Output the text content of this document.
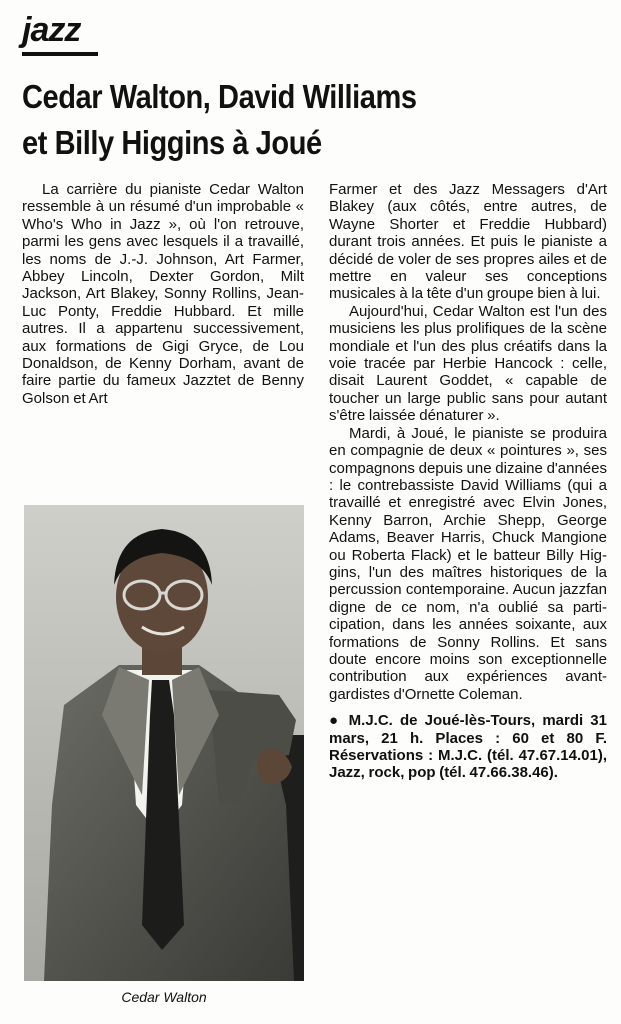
jazz
Cedar Walton, David Williams
et Billy Higgins à Joué

La carrière du pianiste Cedar Walton ressemble à un résumé d'un improbable « Who's Who in Jazz », où l'on retrouve, parmi les gens avec lesquels il a travaillé, les noms de J.-J. Johnson, Art Farmer, Abbey Lincoln, Dexter Gordon, Milt Jackson, Art Blakey, Sonny Rollins, Jean-Luc Ponty, Freddie Hubbard. Et mille autres. Il a appartenu successivement, aux formations de Gigi Gryce, de Lou Donaldson, de Kenny Dorham, avant de faire partie du fameux Jazztet de Benny Golson et Art

Cedar Walton

Farmer et des Jazz Messagers d'Art Blakey (aux côtés, entre autres, de Wayne Shorter et Freddie Hubbard) durant trois années. Et puis le pianiste a décidé de voler de ses propres ailes et de mettre en valeur ses conceptions musicales à la tête d'un groupe bien à lui.

Aujourd'hui, Cedar Walton est l'un des musiciens les plus prolifiques de la scène mondiale et l'un des plus créatifs dans la voie tracée par Herbie Hancock : celle, disait Laurent Goddet, « capable de toucher un large public sans pour autant s'être laissée dénaturer ».

Mardi, à Joué, le pianiste se produira en compagnie de deux « pointures », ses compagnons depuis une dizaine d'années : le contrebassiste David Williams (qui a travaillé et enregistré avec Elvin Jones, Kenny Barron, Archie Shepp, George Adams, Beaver Harris, Chuck Mangione ou Roberta Flack) et le batteur Billy Higgins, l'un des maîtres historiques de la percussion contemporaine. Aucun jazzfan digne de ce nom, n'a oublié sa participation, dans les années soixante, aux formations de Sonny Rollins. Et sans doute encore moins son exceptionnelle contribution aux expériences avant-gardistes d'Ornette Coleman.

● M.J.C. de Joué-lès-Tours, mardi 31 mars, 21 h. Places : 60 et 80 F. Réservations : M.J.C. (tél. 47.67.14.01), Jazz, rock, pop (tél. 47.66.38.46).
